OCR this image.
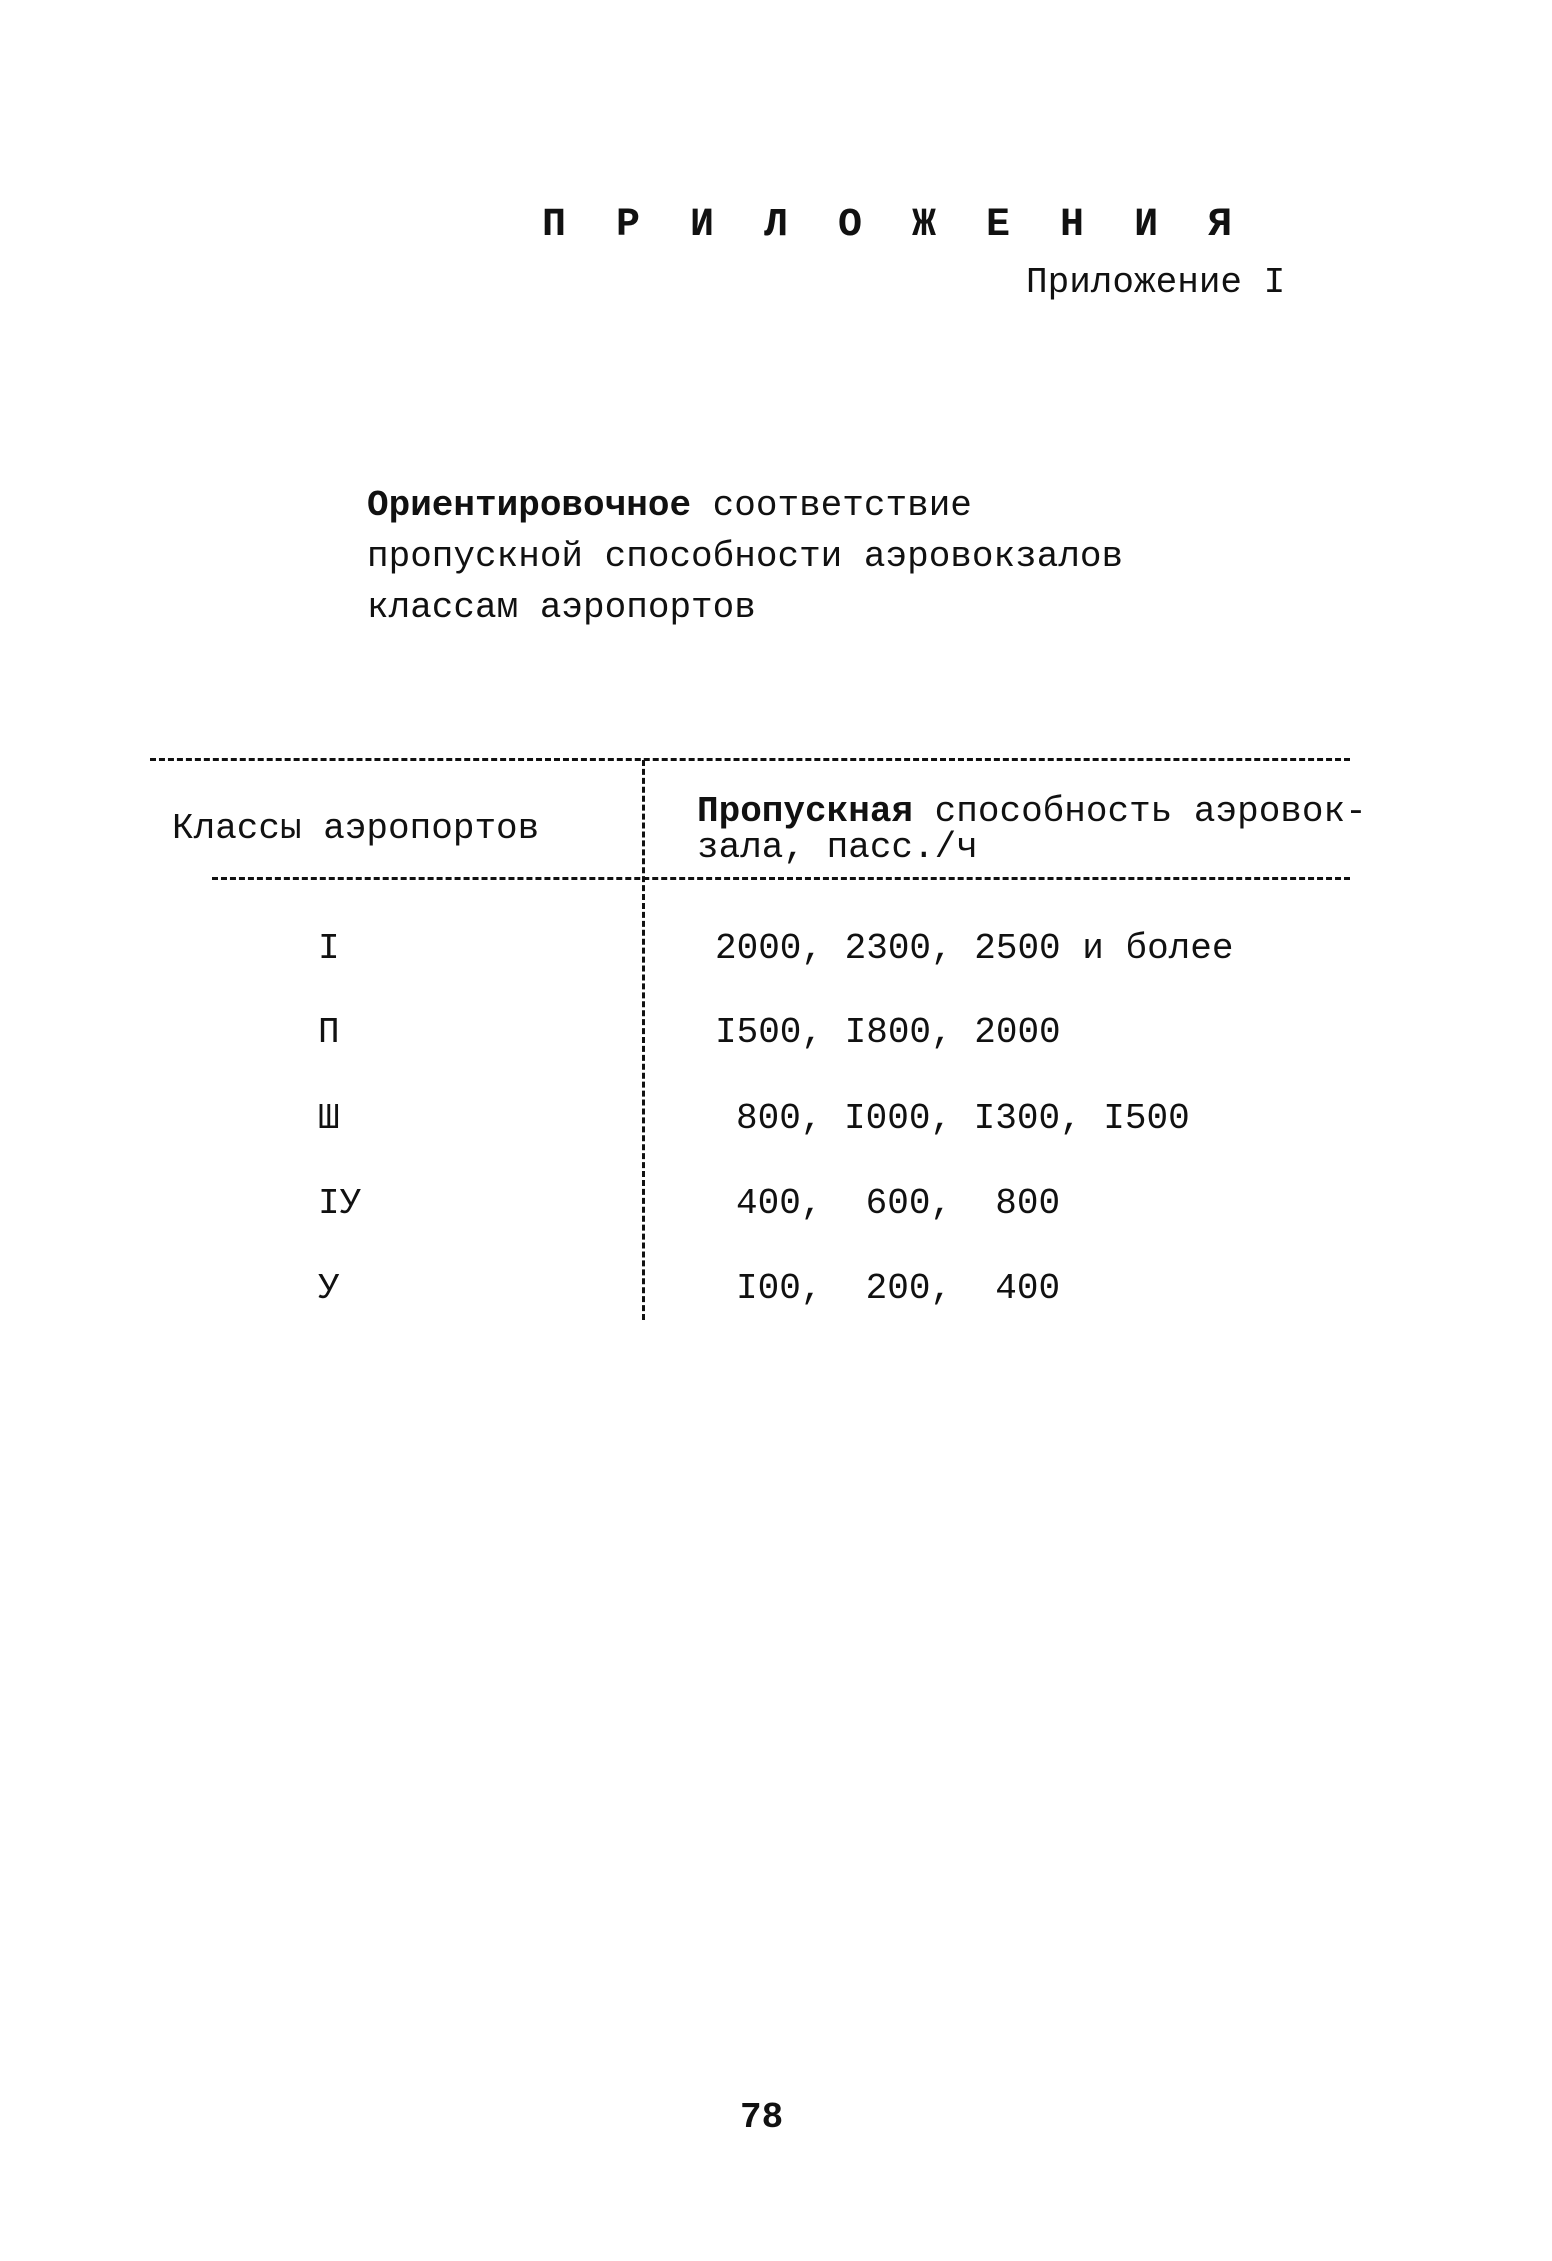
П Р И Л О Ж Е Н И Я
Приложение I
Ориентировочное соответствие пропускной способности аэровокзалов классам аэропортов
Классы аэропортов	Пропускная способность аэровок-
зала, пасс./ч
I	2000, 2300, 2500 и более
П	I500, I800, 2000
Ш	800, I000, I300, I500
IУ	400,  600,  800
У	I00,  200,  400
78
